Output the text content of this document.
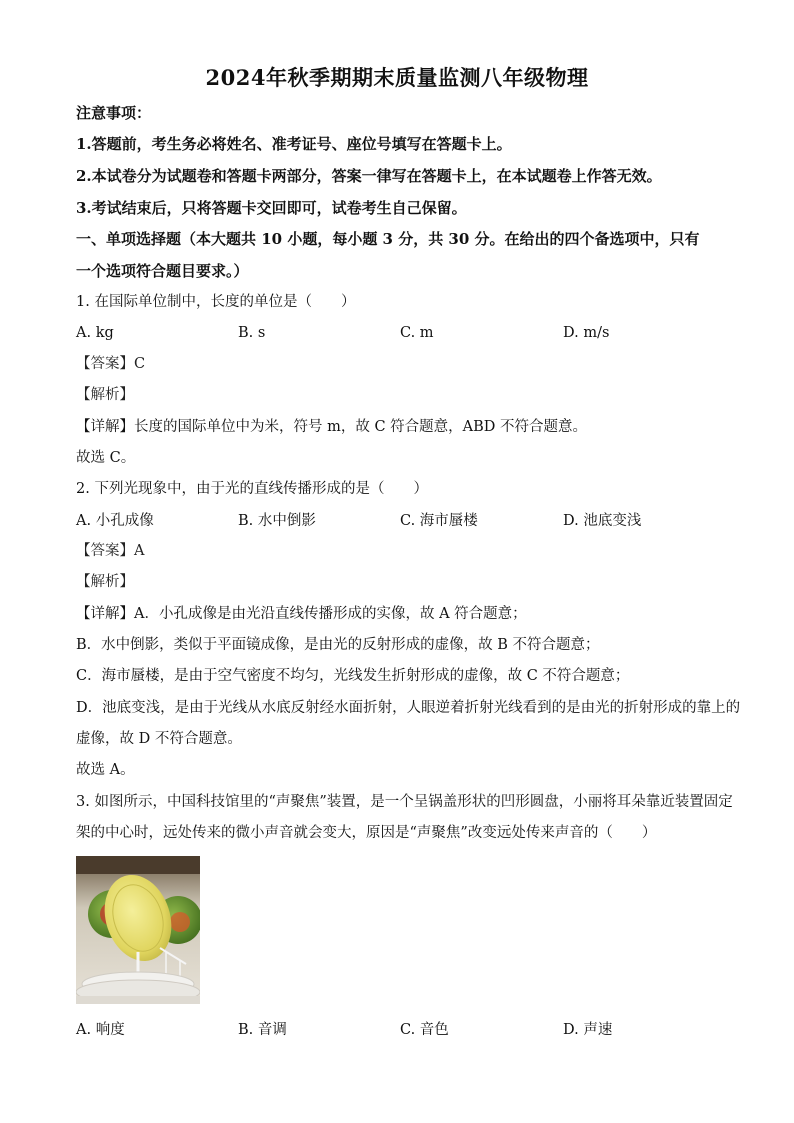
2024年秋季期期末质量监测八年级物理
注意事项：
1.答题前，考生务必将姓名、准考证号、座位号填写在答题卡上。
2.本试卷分为试题卷和答题卡两部分，答案一律写在答题卡上，在本试题卷上作答无效。
3.考试结束后，只将答题卡交回即可，试卷考生自己保留。
一、单项选择题（本大题共 10 小题，每小题 3 分，共 30 分。在给出的四个备选项中，只有
一个选项符合题目要求。）
1. 在国际单位制中，长度的单位是（　　）
A. kg	B. s	C. m	D. m/s
【答案】C
【解析】
【详解】长度的国际单位中为米，符号 m，故 C 符合题意，ABD 不符合题意。
故选 C。
2. 下列光现象中，由于光的直线传播形成的是（　　）
A. 小孔成像	B. 水中倒影	C. 海市蜃楼	D. 池底变浅
【答案】A
【解析】
【详解】A．小孔成像是由光沿直线传播形成的实像，故 A 符合题意；
B．水中倒影，类似于平面镜成像，是由光的反射形成的虚像，故 B 不符合题意；
C．海市蜃楼，是由于空气密度不均匀，光线发生折射形成的虚像，故 C 不符合题意；
D．池底变浅，是由于光线从水底反射经水面折射，人眼逆着折射光线看到的是由光的折射形成的靠上的
虚像，故 D 不符合题意。
故选 A。
3. 如图所示，中国科技馆里的“声聚焦”装置，是一个呈锅盖形状的凹形圆盘，小丽将耳朵靠近装置固定
架的中心时，远处传来的微小声音就会变大，原因是“声聚焦”改变远处传来声音的（　　）
A. 响度	B. 音调	C. 音色	D. 声速
